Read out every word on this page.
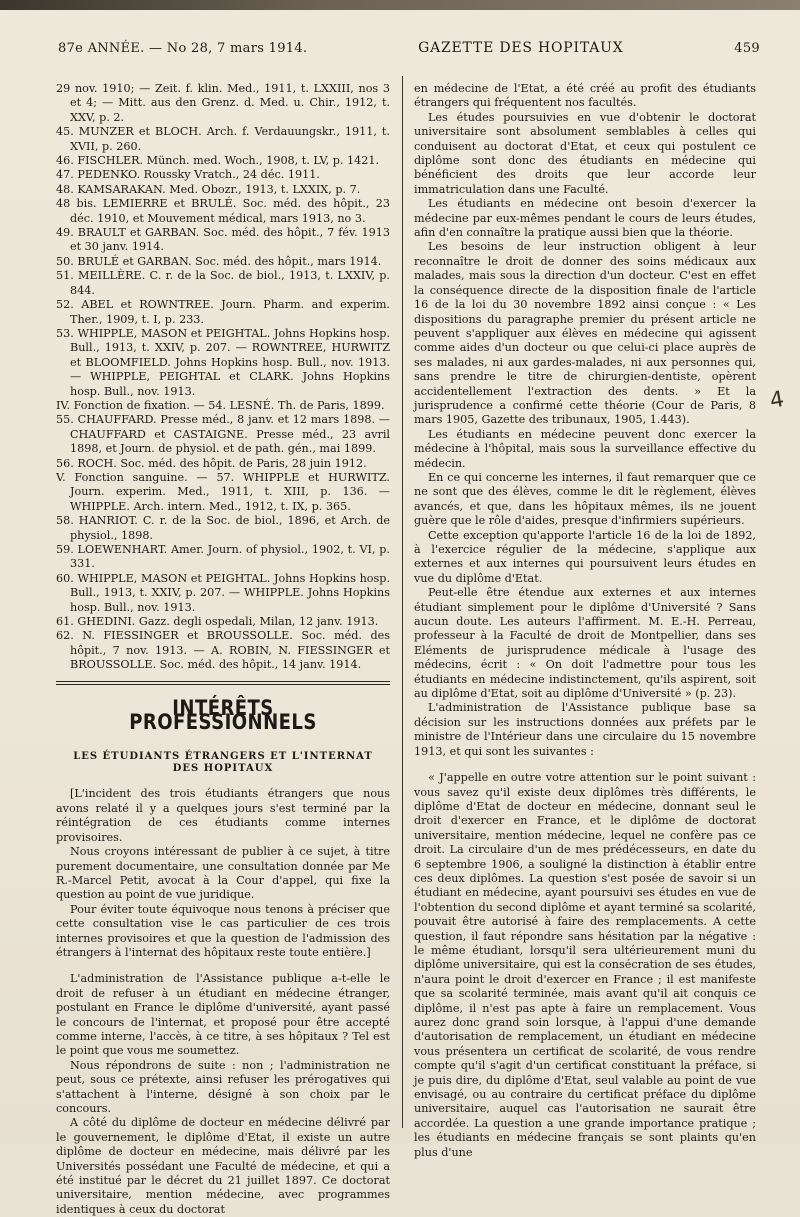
87e ANNÉE. — No 28, 7 mars 1914.	GAZETTE DES HOPITAUX	459

29 nov. 1910; — Zeit. f. klin. Med., 1911, t. LXXIII, nos 3 et 4; — Mitt. aus den Grenz. d. Med. u. Chir., 1912, t. XXV, p. 2.

45. MUNZER et BLOCH. Arch. f. Verdauungskr., 1911, t. XVII, p. 260.

46. FISCHLER. Münch. med. Woch., 1908, t. LV, p. 1421.

47. PEDENKO. Roussky Vratch., 24 déc. 1911.

48. KAMSARAKAN. Med. Obozr., 1913, t. LXXIX, p. 7.

48 bis. LEMIERRE et BRULÉ. Soc. méd. des hôpit., 23 déc. 1910, et Mouvement médical, mars 1913, no 3.

49. BRAULT et GARBAN. Soc. méd. des hôpit., 7 fév. 1913 et 30 janv. 1914.

50. BRULÉ et GARBAN. Soc. méd. des hôpit., mars 1914.

51. MEILLÈRE. C. r. de la Soc. de biol., 1913, t. LXXIV, p. 844.

52. ABEL et ROWNTREE. Journ. Pharm. and experim. Ther., 1909, t. I, p. 233.

53. WHIPPLE, MASON et PEIGHTAL. Johns Hopkins hosp. Bull., 1913, t. XXIV, p. 207. — ROWNTREE, HURWITZ et BLOOMFIELD. Johns Hopkins hosp. Bull., nov. 1913. — WHIPPLE, PEIGHTAL et CLARK. Johns Hopkins hosp. Bull., nov. 1913.

IV. Fonction de fixation. — 54. LESNÉ. Th. de Paris, 1899.

55. CHAUFFARD. Presse méd., 8 janv. et 12 mars 1898. — CHAUFFARD et CASTAIGNE. Presse méd., 23 avril 1898, et Journ. de physiol. et de path. gén., mai 1899.

56. ROCH. Soc. méd. des hôpit. de Paris, 28 juin 1912.

V. Fonction sanguine. — 57. WHIPPLE et HURWITZ. Journ. experim. Med., 1911, t. XIII, p. 136. — WHIPPLE. Arch. intern. Med., 1912, t. IX, p. 365.

58. HANRIOT. C. r. de la Soc. de biol., 1896, et Arch. de physiol., 1898.

59. LOEWENHART. Amer. Journ. of physiol., 1902, t. VI, p. 331.

60. WHIPPLE, MASON et PEIGHTAL. Johns Hopkins hosp. Bull., 1913, t. XXIV, p. 207. — WHIPPLE. Johns Hopkins hosp. Bull., nov. 1913.

61. GHEDINI. Gazz. degli ospedali, Milan, 12 janv. 1913.

62. N. FIESSINGER et BROUSSOLLE. Soc. méd. des hôpit., 7 nov. 1913. — A. ROBIN, N. FIESSINGER et BROUSSOLLE. Soc. méd. des hôpit., 14 janv. 1914.

INTÉRÊTS PROFESSIONNELS
LES ÉTUDIANTS ÉTRANGERS ET L'INTERNAT
DES HOPITAUX

[L'incident des trois étudiants étrangers que nous avons relaté il y a quelques jours s'est terminé par la réintégration de ces étudiants comme internes provisoires.

Nous croyons intéressant de publier à ce sujet, à titre purement documentaire, une consultation donnée par Me R.-Marcel Petit, avocat à la Cour d'appel, qui fixe la question au point de vue juridique.

Pour éviter toute équivoque nous tenons à préciser que cette consultation vise le cas particulier de ces trois internes provisoires et que la question de l'admission des étrangers à l'internat des hôpitaux reste toute entière.]

L'administration de l'Assistance publique a-t-elle le droit de refuser à un étudiant en médecine étranger, postulant en France le diplôme d'université, ayant passé le concours de l'internat, et proposé pour être accepté comme interne, l'accès, à ce titre, à ses hôpitaux ? Tel est le point que vous me soumettez.

Nous répondrons de suite : non ; l'administration ne peut, sous ce prétexte, ainsi refuser les prérogatives qui s'attachent à l'interne, désigné à son choix par le concours.

A côté du diplôme de docteur en médecine délivré par le gouvernement, le diplôme d'Etat, il existe un autre diplôme de docteur en médecine, mais délivré par les Universités possédant une Faculté de médecine, et qui a été institué par le décret du 21 juillet 1897. Ce doctorat universitaire, mention médecine, avec programmes identiques à ceux du doctorat

en médecine de l'Etat, a été créé au profit des étudiants étrangers qui fréquentent nos facultés.

Les études poursuivies en vue d'obtenir le doctorat universitaire sont absolument semblables à celles qui conduisent au doctorat d'Etat, et ceux qui postulent ce diplôme sont donc des étudiants en médecine qui bénéficient des droits que leur accorde leur immatriculation dans une Faculté.

Les étudiants en médecine ont besoin d'exercer la médecine par eux-mêmes pendant le cours de leurs études, afin d'en connaître la pratique aussi bien que la théorie.

Les besoins de leur instruction obligent à leur reconnaître le droit de donner des soins médicaux aux malades, mais sous la direction d'un docteur. C'est en effet la conséquence directe de la disposition finale de l'article 16 de la loi du 30 novembre 1892 ainsi conçue : « Les dispositions du paragraphe premier du présent article ne peuvent s'appliquer aux élèves en médecine qui agissent comme aides d'un docteur ou que celui-ci place auprès de ses malades, ni aux gardes-malades, ni aux personnes qui, sans prendre le titre de chirurgien-dentiste, opèrent accidentellement l'extraction des dents. » Et la jurisprudence a confirmé cette théorie (Cour de Paris, 8 mars 1905, Gazette des tribunaux, 1905, 1.443).

Les étudiants en médecine peuvent donc exercer la médecine à l'hôpital, mais sous la surveillance effective du médecin.

En ce qui concerne les internes, il faut remarquer que ce ne sont que des élèves, comme le dit le règlement, élèves avancés, et que, dans les hôpitaux mêmes, ils ne jouent guère que le rôle d'aides, presque d'infirmiers supérieurs.

Cette exception qu'apporte l'article 16 de la loi de 1892, à l'exercice régulier de la médecine, s'applique aux externes et aux internes qui poursuivent leurs études en vue du diplôme d'Etat.

Peut-elle être étendue aux externes et aux internes étudiant simplement pour le diplôme d'Université ? Sans aucun doute. Les auteurs l'affirment. M. E.-H. Perreau, professeur à la Faculté de droit de Montpellier, dans ses Eléments de jurisprudence médicale à l'usage des médecins, écrit : « On doit l'admettre pour tous les étudiants en médecine indistinctement, qu'ils aspirent, soit au diplôme d'Etat, soit au diplôme d'Université » (p. 23).

L'administration de l'Assistance publique base sa décision sur les instructions données aux préfets par le ministre de l'Intérieur dans une circulaire du 15 novembre 1913, et qui sont les suivantes :

« J'appelle en outre votre attention sur le point suivant : vous savez qu'il existe deux diplômes très différents, le diplôme d'Etat de docteur en médecine, donnant seul le droit d'exercer en France, et le diplôme de doctorat universitaire, mention médecine, lequel ne confère pas ce droit. La circulaire d'un de mes prédécesseurs, en date du 6 septembre 1906, a souligné la distinction à établir entre ces deux diplômes. La question s'est posée de savoir si un étudiant en médecine, ayant poursuivi ses études en vue de l'obtention du second diplôme et ayant terminé sa scolarité, pouvait être autorisé à faire des remplacements. A cette question, il faut répondre sans hésitation par la négative : le même étudiant, lorsqu'il sera ultérieurement muni du diplôme universitaire, qui est la consécration de ses études, n'aura point le droit d'exercer en France ; il est manifeste que sa scolarité terminée, mais avant qu'il ait conquis ce diplôme, il n'est pas apte à faire un remplacement. Vous aurez donc grand soin lorsque, à l'appui d'une demande d'autorisation de remplacement, un étudiant en médecine vous présentera un certificat de scolarité, de vous rendre compte qu'il s'agit d'un certificat constituant la préface, si je puis dire, du diplôme d'Etat, seul valable au point de vue envisagé, ou au contraire du certificat préface du diplôme universitaire, auquel cas l'autorisation ne saurait être accordée. La question a une grande importance pratique ; les étudiants en médecine français se sont plaints qu'en plus d'une

4
